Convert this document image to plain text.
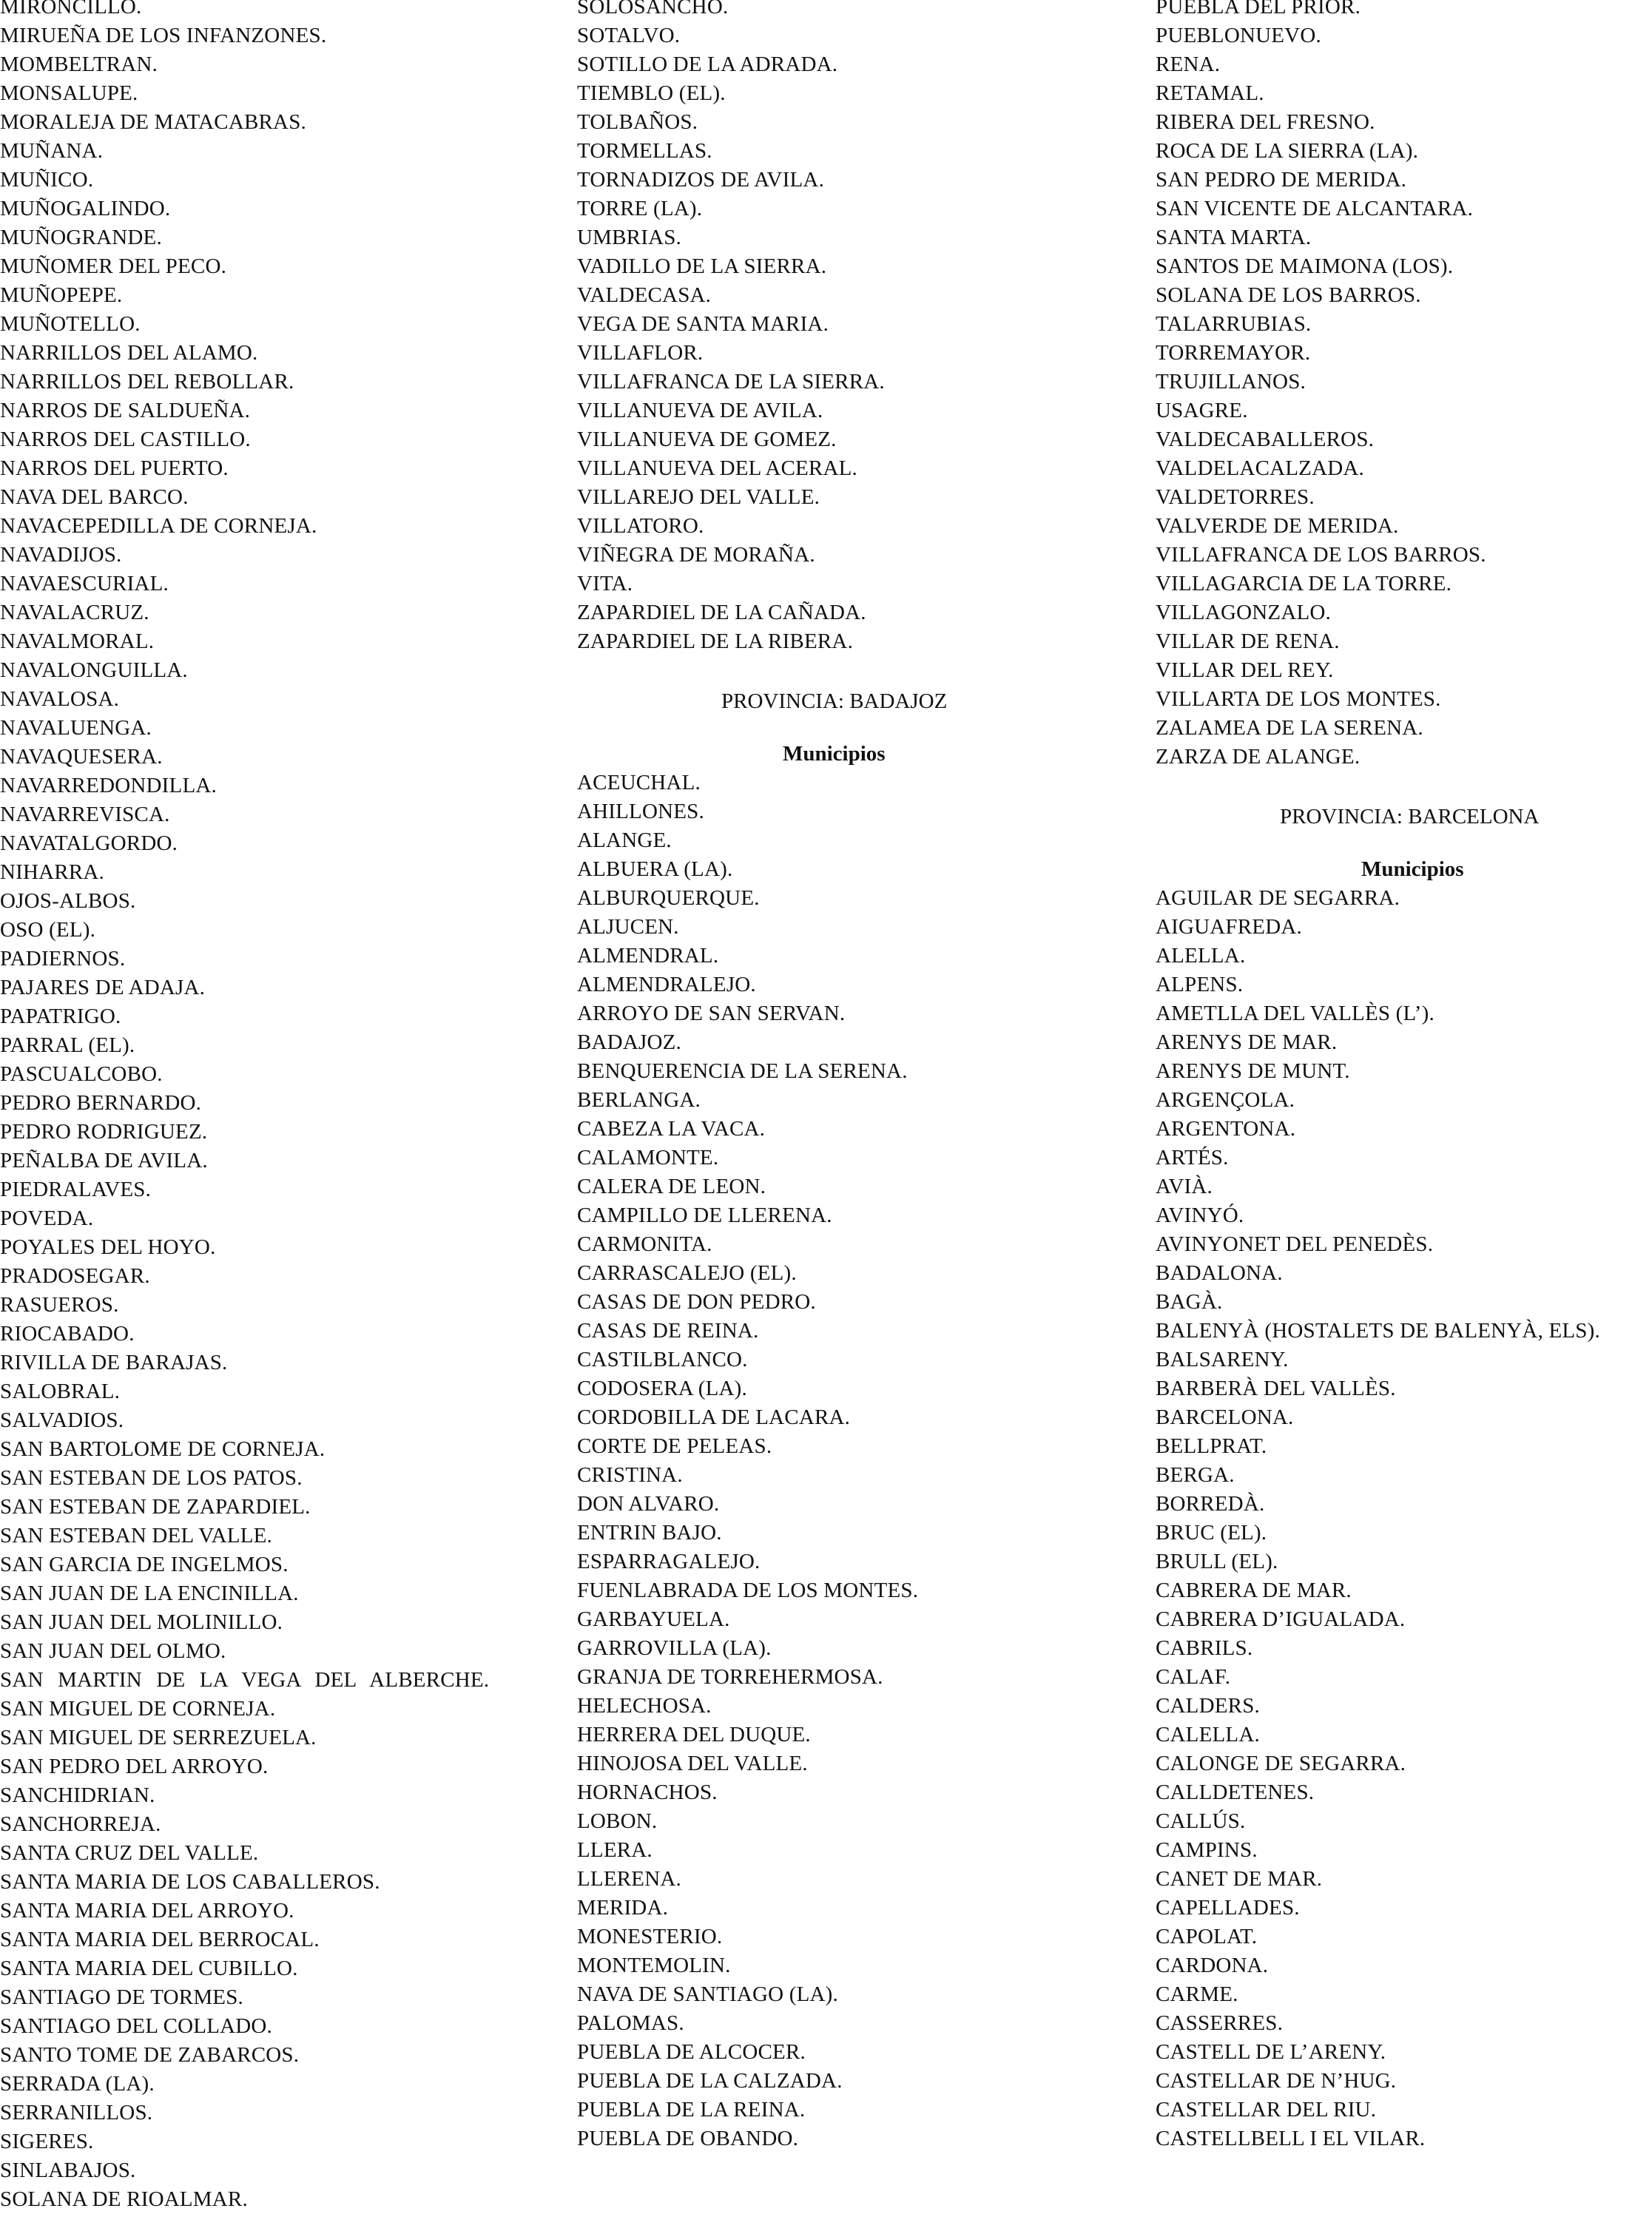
MIRONCILLO.
MIRUEÑA DE LOS INFANZONES.
MOMBELTRAN.
MONSALUPE.
MORALEJA DE MATACABRAS.
MUÑANA.
MUÑICO.
MUÑOGALINDO.
MUÑOGRANDE.
MUÑOMER DEL PECO.
MUÑOPEPE.
MUÑOTELLO.
NARRILLOS DEL ALAMO.
NARRILLOS DEL REBOLLAR.
NARROS DE SALDUEÑA.
NARROS DEL CASTILLO.
NARROS DEL PUERTO.
NAVA DEL BARCO.
NAVACEPEDILLA DE CORNEJA.
NAVADIJOS.
NAVAESCURIAL.
NAVALACRUZ.
NAVALMORAL.
NAVALONGUILLA.
NAVALOSA.
NAVALUENGA.
NAVAQUESERA.
NAVARREDONDILLA.
NAVARREVISCA.
NAVATALGORDO.
NIHARRA.
OJOS-ALBOS.
OSO (EL).
PADIERNOS.
PAJARES DE ADAJA.
PAPATRIGO.
PARRAL (EL).
PASCUALCOBO.
PEDRO BERNARDO.
PEDRO RODRIGUEZ.
PEÑALBA DE AVILA.
PIEDRALAVES.
POVEDA.
POYALES DEL HOYO.
PRADOSEGAR.
RASUEROS.
RIOCABADO.
RIVILLA DE BARAJAS.
SALOBRAL.
SALVADIOS.
SAN BARTOLOME DE CORNEJA.
SAN ESTEBAN DE LOS PATOS.
SAN ESTEBAN DE ZAPARDIEL.
SAN ESTEBAN DEL VALLE.
SAN GARCIA DE INGELMOS.
SAN JUAN DE LA ENCINILLA.
SAN JUAN DEL MOLINILLO.
SAN JUAN DEL OLMO.
SAN MARTIN DE LA VEGA DEL ALBERCHE.
SAN MIGUEL DE CORNEJA.
SAN MIGUEL DE SERREZUELA.
SAN PEDRO DEL ARROYO.
SANCHIDRIAN.
SANCHORREJA.
SANTA CRUZ DEL VALLE.
SANTA MARIA DE LOS CABALLEROS.
SANTA MARIA DEL ARROYO.
SANTA MARIA DEL BERROCAL.
SANTA MARIA DEL CUBILLO.
SANTIAGO DE TORMES.
SANTIAGO DEL COLLADO.
SANTO TOME DE ZABARCOS.
SERRADA (LA).
SERRANILLOS.
SIGERES.
SINLABAJOS.
SOLANA DE RIOALMAR.
SOLOSANCHO.
SOTALVO.
SOTILLO DE LA ADRADA.
TIEMBLO (EL).
TOLBAÑOS.
TORMELLAS.
TORNADIZOS DE AVILA.
TORRE (LA).
UMBRIAS.
VADILLO DE LA SIERRA.
VALDECASA.
VEGA DE SANTA MARIA.
VILLAFLOR.
VILLAFRANCA DE LA SIERRA.
VILLANUEVA DE AVILA.
VILLANUEVA DE GOMEZ.
VILLANUEVA DEL ACERAL.
VILLAREJO DEL VALLE.
VILLATORO.
VIÑEGRA DE MORAÑA.
VITA.
ZAPARDIEL DE LA CAÑADA.
ZAPARDIEL DE LA RIBERA.
PROVINCIA: BADAJOZ
Municipios
ACEUCHAL.
AHILLONES.
ALANGE.
ALBUERA (LA).
ALBURQUERQUE.
ALJUCEN.
ALMENDRAL.
ALMENDRALEJO.
ARROYO DE SAN SERVAN.
BADAJOZ.
BENQUERENCIA DE LA SERENA.
BERLANGA.
CABEZA LA VACA.
CALAMONTE.
CALERA DE LEON.
CAMPILLO DE LLERENA.
CARMONITA.
CARRASCALEJO (EL).
CASAS DE DON PEDRO.
CASAS DE REINA.
CASTILBLANCO.
CODOSERA (LA).
CORDOBILLA DE LACARA.
CORTE DE PELEAS.
CRISTINA.
DON ALVARO.
ENTRIN BAJO.
ESPARRAGALEJO.
FUENLABRADA DE LOS MONTES.
GARBAYUELA.
GARROVILLA (LA).
GRANJA DE TORREHERMOSA.
HELECHOSA.
HERRERA DEL DUQUE.
HINOJOSA DEL VALLE.
HORNACHOS.
LOBON.
LLERA.
LLERENA.
MERIDA.
MONESTERIO.
MONTEMOLIN.
NAVA DE SANTIAGO (LA).
PALOMAS.
PUEBLA DE ALCOCER.
PUEBLA DE LA CALZADA.
PUEBLA DE LA REINA.
PUEBLA DE OBANDO.
PUEBLA DEL PRIOR.
PUEBLONUEVO.
RENA.
RETAMAL.
RIBERA DEL FRESNO.
ROCA DE LA SIERRA (LA).
SAN PEDRO DE MERIDA.
SAN VICENTE DE ALCANTARA.
SANTA MARTA.
SANTOS DE MAIMONA (LOS).
SOLANA DE LOS BARROS.
TALARRUBIAS.
TORREMAYOR.
TRUJILLANOS.
USAGRE.
VALDECABALLEROS.
VALDELACALZADA.
VALDETORRES.
VALVERDE DE MERIDA.
VILLAFRANCA DE LOS BARROS.
VILLAGARCIA DE LA TORRE.
VILLAGONZALO.
VILLAR DE RENA.
VILLAR DEL REY.
VILLARTA DE LOS MONTES.
ZALAMEA DE LA SERENA.
ZARZA DE ALANGE.
PROVINCIA: BARCELONA
Municipios
AGUILAR DE SEGARRA.
AIGUAFREDA.
ALELLA.
ALPENS.
AMETLLA DEL VALLÈS (L’).
ARENYS DE MAR.
ARENYS DE MUNT.
ARGENÇOLA.
ARGENTONA.
ARTÉS.
AVIÀ.
AVINYÓ.
AVINYONET DEL PENEDÈS.
BADALONA.
BAGÀ.
BALENYÀ (HOSTALETS DE BALENYÀ, ELS).
BALSARENY.
BARBERÀ DEL VALLÈS.
BARCELONA.
BELLPRAT.
BERGA.
BORREDÀ.
BRUC (EL).
BRULL (EL).
CABRERA DE MAR.
CABRERA D’IGUALADA.
CABRILS.
CALAF.
CALDERS.
CALELLA.
CALONGE DE SEGARRA.
CALLDETENES.
CALLÚS.
CAMPINS.
CANET DE MAR.
CAPELLADES.
CAPOLAT.
CARDONA.
CARME.
CASSERRES.
CASTELL DE L’ARENY.
CASTELLAR DE N’HUG.
CASTELLAR DEL RIU.
CASTELLBELL I EL VILAR.
